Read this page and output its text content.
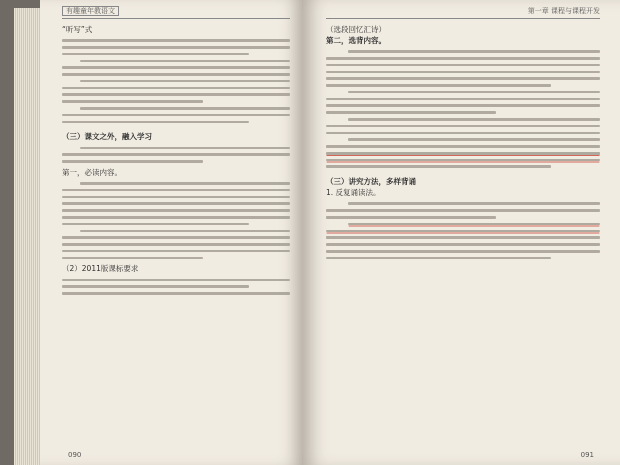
有趣童年教语文
“听写”式
（三）课文之外，融入学习
第一，必读内容。
（2）2011版课标要求
090
第一章 课程与课程开发
（选段回忆汇诗）
第二，选背内容。
（三）讲究方法，多样背诵
1. 反复诵读法。
091
